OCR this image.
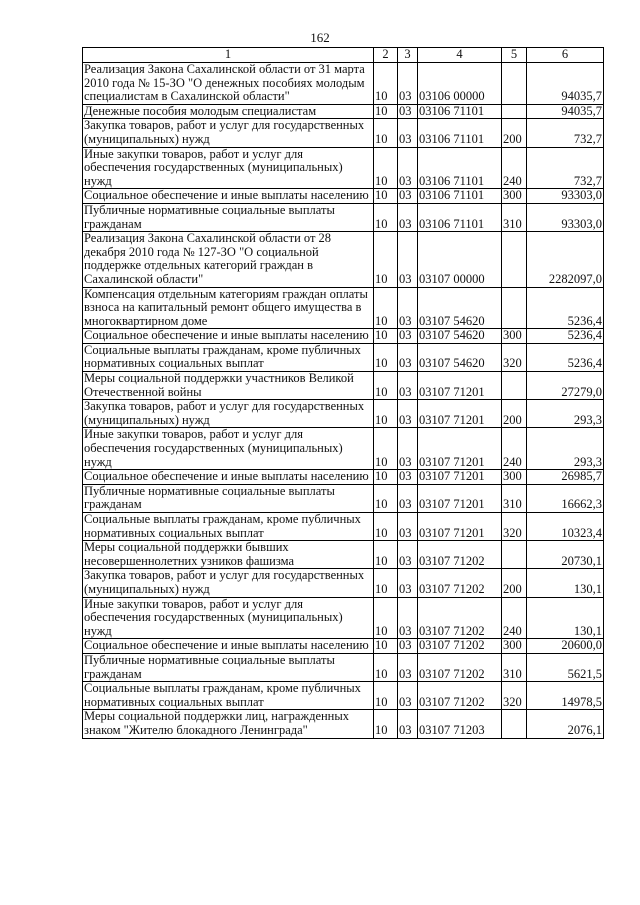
162
1	2	3	4	5	6
Реализация Закона Сахалинской области от 31 марта 2010 года № 15-ЗО "О денежных пособиях молодым специалистам в Сахалинской области"	10	03	03106 00000		94035,7
Денежные пособия молодым специалистам	10	03	03106 71101		94035,7
Закупка товаров, работ и услуг для государственных (муниципальных) нужд	10	03	03106 71101	200	732,7
Иные закупки товаров, работ и услуг для обеспечения государственных (муниципальных) нужд	10	03	03106 71101	240	732,7
Социальное обеспечение и иные выплаты населению	10	03	03106 71101	300	93303,0
Публичные нормативные социальные выплаты гражданам	10	03	03106 71101	310	93303,0
Реализация Закона Сахалинской области от 28 декабря 2010 года № 127-ЗО "О социальной поддержке отдельных категорий граждан в Сахалинской области"	10	03	03107 00000		2282097,0
Компенсация отдельным категориям граждан оплаты взноса на капитальный ремонт общего имущества в многоквартирном доме	10	03	03107 54620		5236,4
Социальное обеспечение и иные выплаты населению	10	03	03107 54620	300	5236,4
Социальные выплаты гражданам, кроме публичных нормативных социальных выплат	10	03	03107 54620	320	5236,4
Меры социальной поддержки участников Великой Отечественной войны	10	03	03107 71201		27279,0
Закупка товаров, работ и услуг для государственных (муниципальных) нужд	10	03	03107 71201	200	293,3
Иные закупки товаров, работ и услуг для обеспечения государственных (муниципальных) нужд	10	03	03107 71201	240	293,3
Социальное обеспечение и иные выплаты населению	10	03	03107 71201	300	26985,7
Публичные нормативные социальные выплаты гражданам	10	03	03107 71201	310	16662,3
Социальные выплаты гражданам, кроме публичных нормативных социальных выплат	10	03	03107 71201	320	10323,4
Меры социальной поддержки бывших несовершеннолетних узников фашизма	10	03	03107 71202		20730,1
Закупка товаров, работ и услуг для государственных (муниципальных) нужд	10	03	03107 71202	200	130,1
Иные закупки товаров, работ и услуг для обеспечения государственных (муниципальных) нужд	10	03	03107 71202	240	130,1
Социальное обеспечение и иные выплаты населению	10	03	03107 71202	300	20600,0
Публичные нормативные социальные выплаты гражданам	10	03	03107 71202	310	5621,5
Социальные выплаты гражданам, кроме публичных нормативных социальных выплат	10	03	03107 71202	320	14978,5
Меры социальной поддержки лиц, награжденных знаком "Жителю блокадного Ленинграда"	10	03	03107 71203		2076,1
